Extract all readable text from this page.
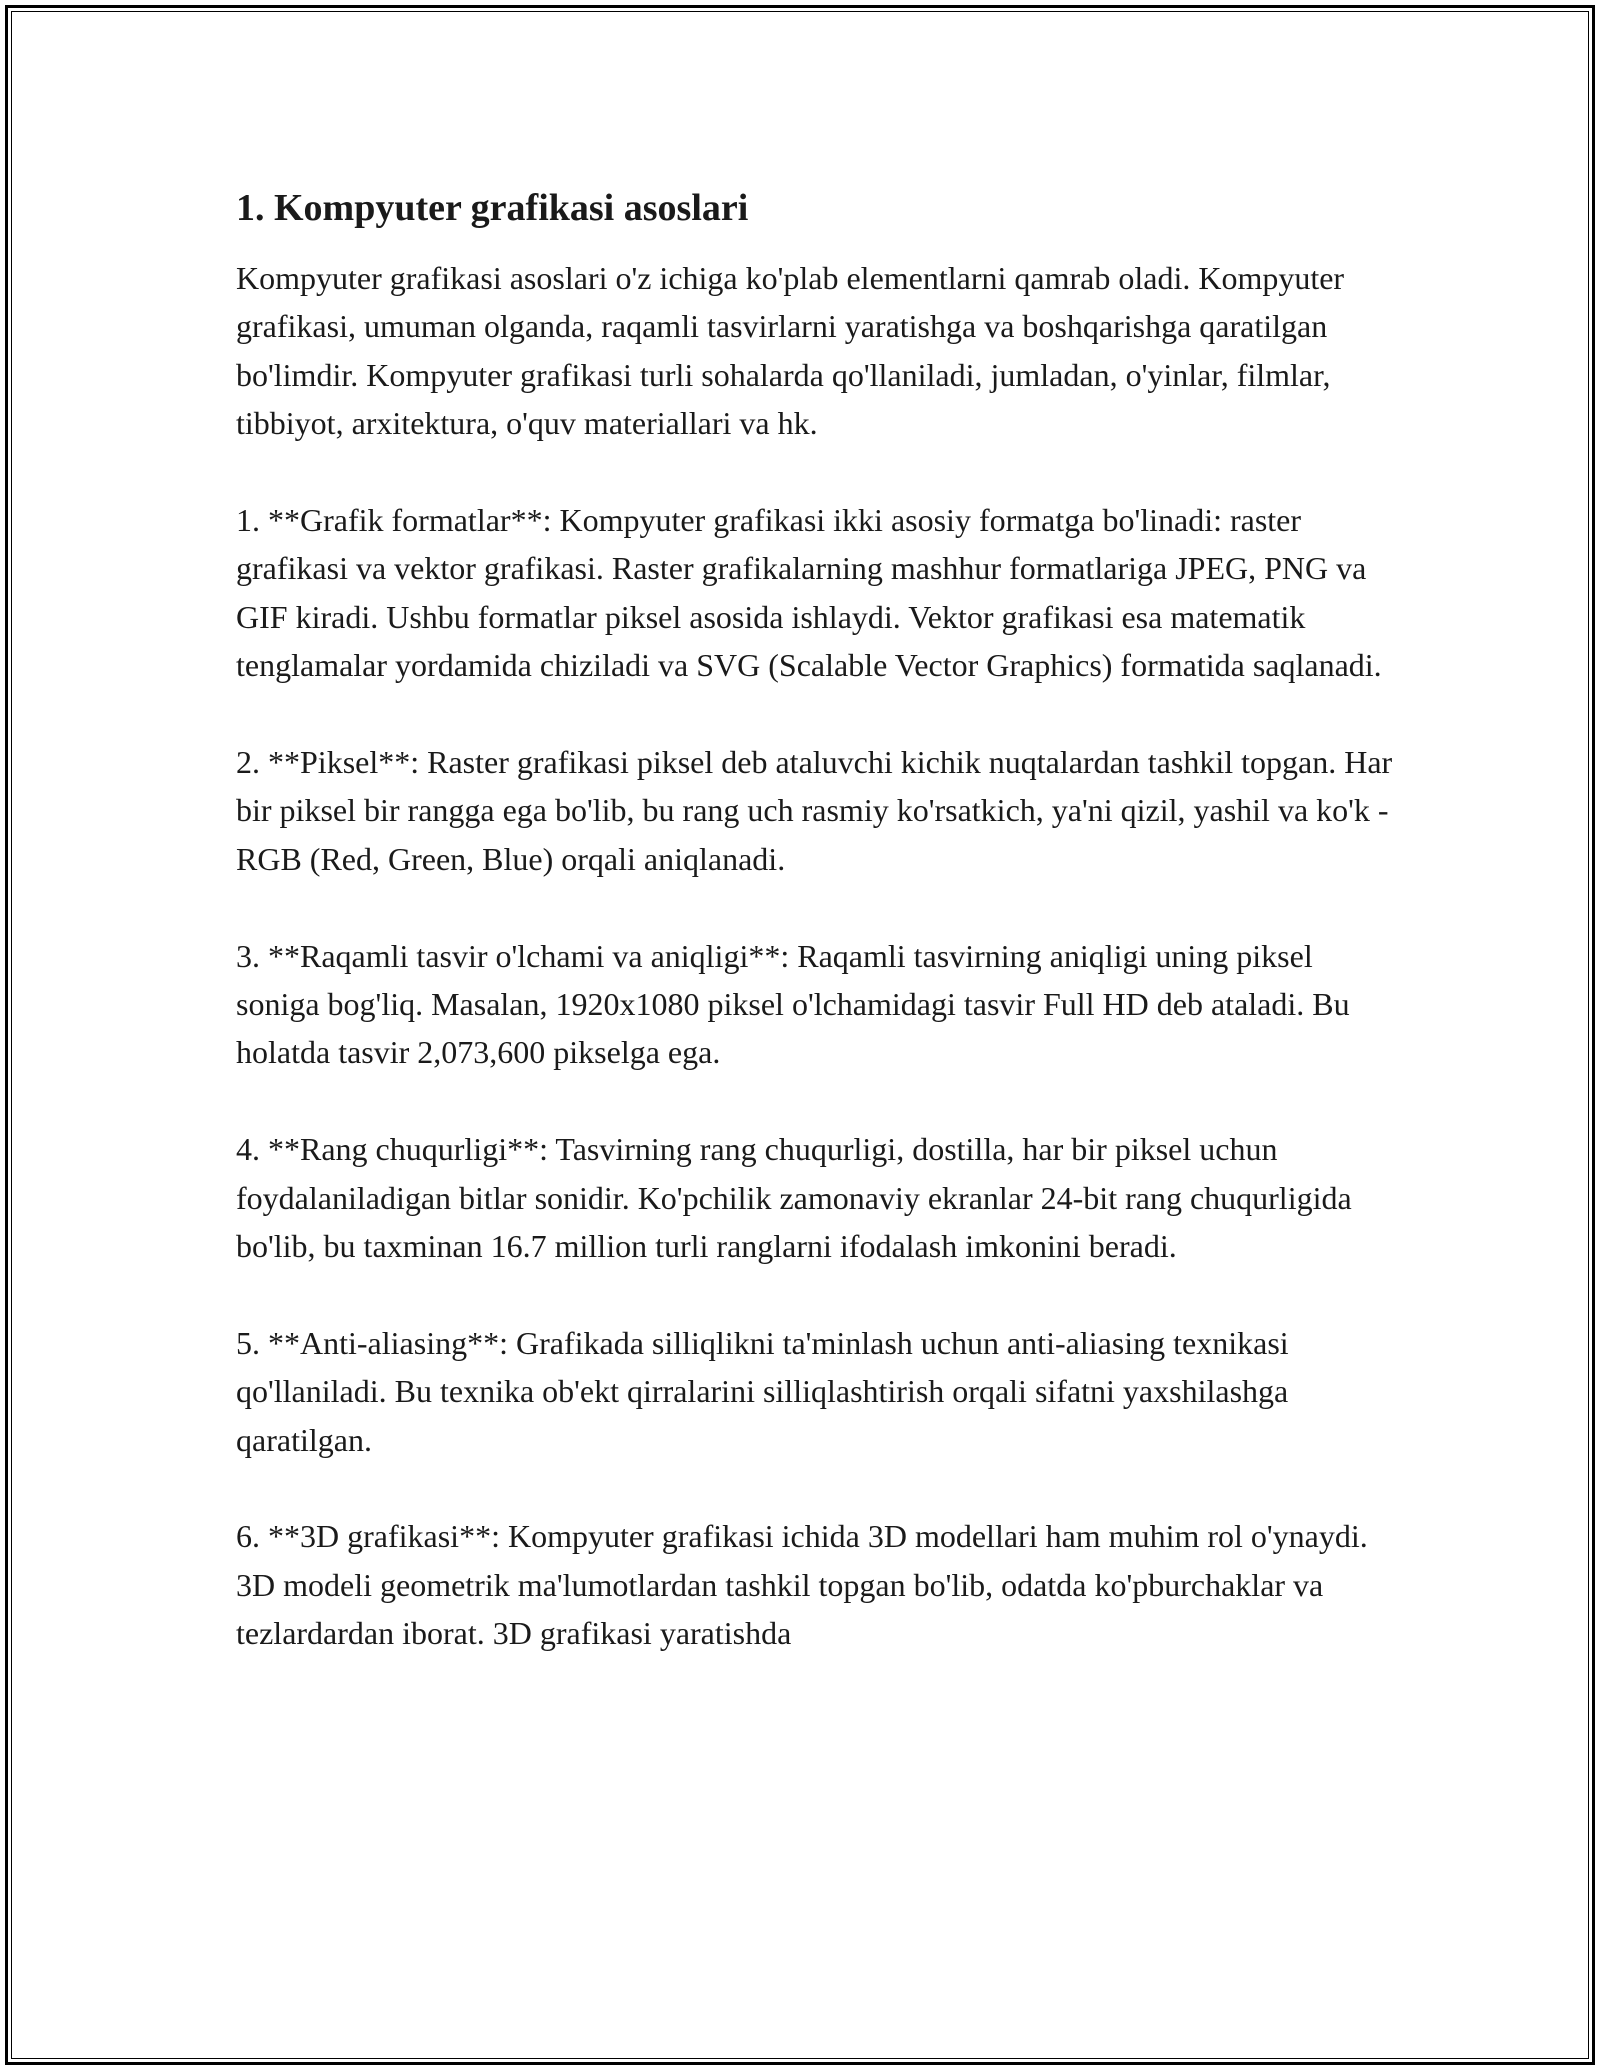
1. Kompyuter grafikasi asoslari

Kompyuter grafikasi asoslari o'z ichiga ko'plab elementlarni qamrab oladi. Kompyuter grafikasi, umuman olganda, raqamli tasvirlarni yaratishga va boshqarishga qaratilgan bo'limdir. Kompyuter grafikasi turli sohalarda qo'llaniladi, jumladan, o'yinlar, filmlar, tibbiyot, arxitektura, o'quv materiallari va hk.

1. **Grafik formatlar**: Kompyuter grafikasi ikki asosiy formatga bo'linadi: raster grafikasi va vektor grafikasi. Raster grafikalarning mashhur formatlariga JPEG, PNG va GIF kiradi. Ushbu formatlar piksel asosida ishlaydi. Vektor grafikasi esa matematik tenglamalar yordamida chiziladi va SVG (Scalable Vector Graphics) formatida saqlanadi.

2. **Piksel**: Raster grafikasi piksel deb ataluvchi kichik nuqtalardan tashkil topgan. Har bir piksel bir rangga ega bo'lib, bu rang uch rasmiy ko'rsatkich, ya'ni qizil, yashil va ko'k - RGB (Red, Green, Blue) orqali aniqlanadi.

3. **Raqamli tasvir o'lchami va aniqligi**: Raqamli tasvirning aniqligi uning piksel soniga bog'liq. Masalan, 1920x1080 piksel o'lchamidagi tasvir Full HD deb ataladi. Bu holatda tasvir 2,073,600 pikselga ega.

4. **Rang chuqurligi**: Tasvirning rang chuqurligi, dostilla, har bir piksel uchun foydalaniladigan bitlar sonidir. Ko'pchilik zamonaviy ekranlar 24-bit rang chuqurligida bo'lib, bu taxminan 16.7 million turli ranglarni ifodalash imkonini beradi.

5. **Anti-aliasing**: Grafikada silliqlikni ta'minlash uchun anti-aliasing texnikasi qo'llaniladi. Bu texnika ob'ekt qirralarini silliqlashtirish orqali sifatni yaxshilashga qaratilgan.

6. **3D grafikasi**: Kompyuter grafikasi ichida 3D modellari ham muhim rol o'ynaydi. 3D modeli geometrik ma'lumotlardan tashkil topgan bo'lib, odatda ko'pburchaklar va tezlardardan iborat. 3D grafikasi yaratishda
